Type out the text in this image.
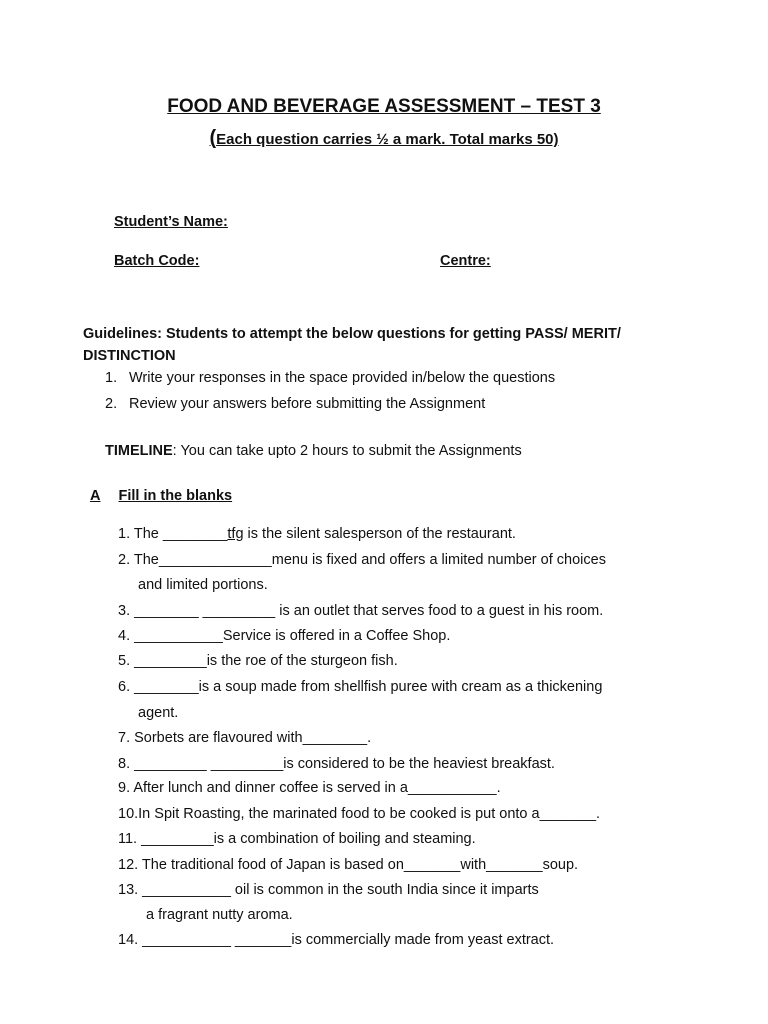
FOOD AND BEVERAGE ASSESSMENT – TEST 3
(Each question carries ½ a mark. Total marks 50)
Student’s Name:
Batch Code:	Centre:
Guidelines: Students to attempt the below questions for getting PASS/ MERIT/
DISTINCTION
1. Write your responses in the space provided in/below the questions
2. Review your answers before submitting the Assignment
TIMELINE: You can take upto 2 hours to submit the Assignments
A Fill in the blanks
1. The ________tfg is the silent salesperson of the restaurant.
2. The______________menu is fixed and offers a limited number of choices
and limited portions.
3. ________ _________ is an outlet that serves food to a guest in his room.
4. ___________Service is offered in a Coffee Shop.
5. _________is the roe of the sturgeon fish.
6. ________is a soup made from shellfish puree with cream as a thickening
agent.
7. Sorbets are flavoured with________.
8. _________ _________is considered to be the heaviest breakfast.
9. After lunch and dinner coffee is served in a___________.
10.In Spit Roasting, the marinated food to be cooked is put onto a_______.
11. _________is a combination of boiling and steaming.
12. The traditional food of Japan is based on_______with_______soup.
13. ___________ oil is common in the south India since it imparts
a fragrant nutty aroma.
14. ___________ _______is commercially made from yeast extract.
